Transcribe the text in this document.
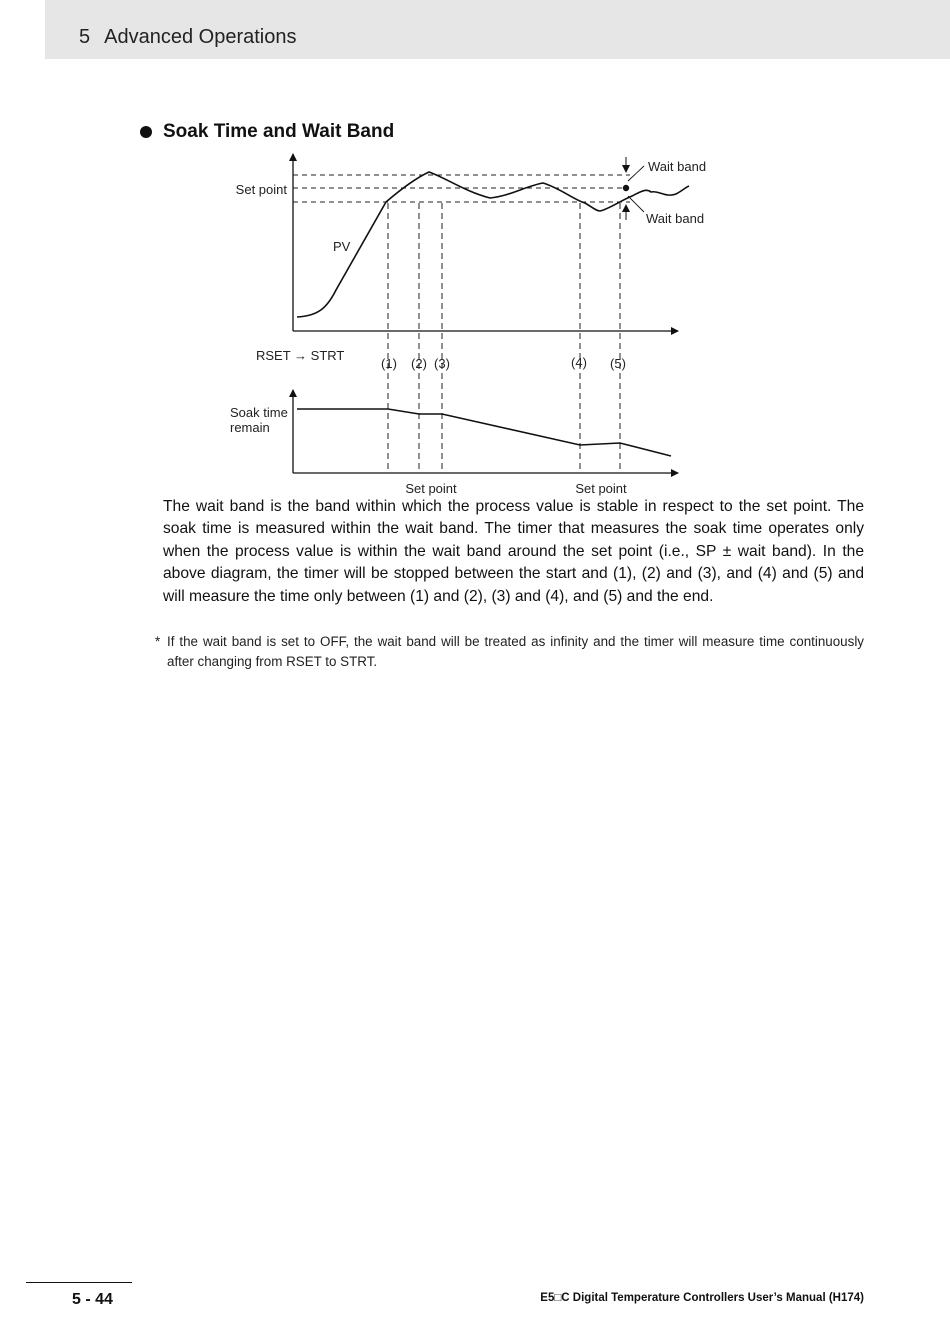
5 Advanced Operations
Soak Time and Wait Band
Set point
PV
Wait band
Wait band
RSET → STRT
(1) (2) (3)	(4) (5)
Soak time
remain
Set point	Set point
The wait band is the band within which the process value is stable in respect to the set point. The soak time is measured within the wait band. The timer that measures the soak time operates only when the process value is within the wait band around the set point (i.e., SP ± wait band). In the above diagram, the timer will be stopped between the start and (1), (2) and (3), and (4) and (5) and will measure the time only between (1) and (2), (3) and (4), and (5) and the end.
* If the wait band is set to OFF, the wait band will be treated as infinity and the timer will measure time continuously after changing from RSET to STRT.
5 - 44	E5□C Digital Temperature Controllers User’s Manual (H174)
